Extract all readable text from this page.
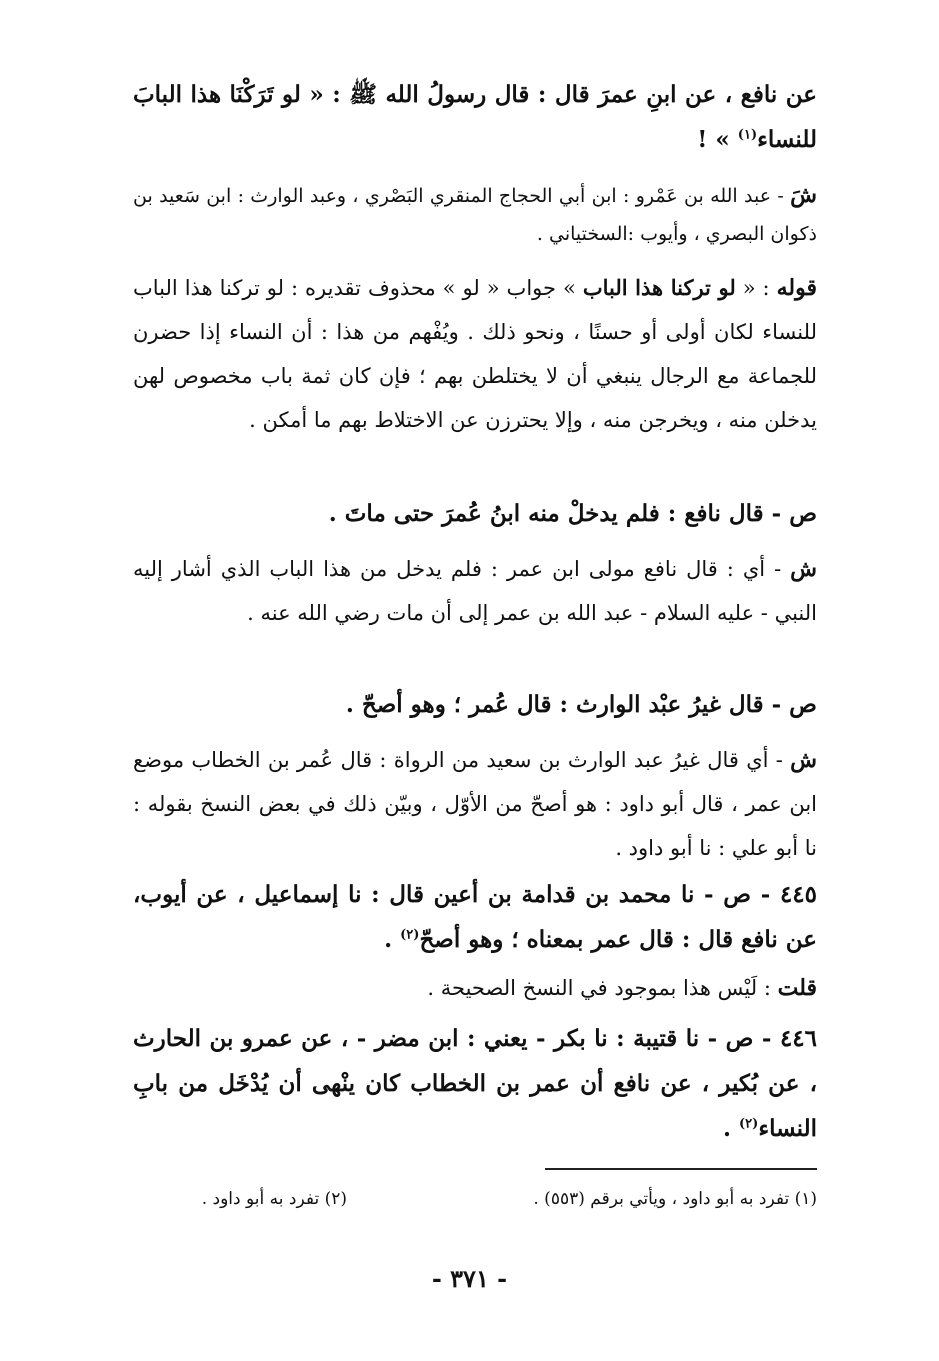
عن نافع ، عن ابنِ عمرَ قال : قال رسولُ الله ﷺ : « لو تَرَكْنَا هذا البابَ للنساء$^{(١)}$ » !

شَ - عبد الله بن عَمْرو : ابن أبي الحجاج المنقري البَصْري ، وعبد الوارث : ابن سَعيد بن ذكوان البصري ، وأيوب :السختياني .

قوله : « لو تركنا هذا الباب » جواب « لو » محذوف تقديره : لو تركنا هذا الباب للنساء لكان أولى أو حسنًا ، ونحو ذلك . ويُفْهم من هذا : أن النساء إذا حضرن للجماعة مع الرجال ينبغي أن لا يختلطن بهم ؛ فإن كان ثمة باب مخصوص لهن يدخلن منه ، ويخرجن منه ، وإلا يحترزن عن الاختلاط بهم ما أمكن .

ص - قال نافع : فلم يدخلْ منه ابنُ عُمرَ حتى ماتَ .

ش - أي : قال نافع مولى ابن عمر : فلم يدخل من هذا الباب الذي أشار إليه النبي - عليه السلام - عبد الله بن عمر إلى أن مات رضي الله عنه .

ص - قال غيرُ عبْد الوارث : قال عُمر ؛ وهو أصحّ .

ش - أي قال غيرُ عبد الوارث بن سعيد من الرواة : قال عُمر بن الخطاب موضع ابن عمر ، قال أبو داود : هو أصحّ من الأوّل ، وبيّن ذلك في بعض النسخ بقوله : نا أبو علي : نا أبو داود .

٤٤٥ - ص - نا محمد بن قدامة بن أعين قال : نا إسماعيل ، عن أيوب، عن نافع قال : قال عمر بمعناه ؛ وهو أصحّ$^{(٢)}$ .

قلت : لَيْس هذا بموجود في النسخ الصحيحة .

٤٤٦ - ص - نا قتيبة : نا بكر - يعني : ابن مضر - ، عن عمرو بن الحارث ، عن بُكير ، عن نافع أن عمر بن الخطاب كان ينْهى أن يُدْخَل من بابِ النساء$^{(٢)}$ .

(١) تفرد به أبو داود ، ويأتي برقم (٥٥٣) .
(٢) تفرد به أبو داود .
- ٣٧١ -
